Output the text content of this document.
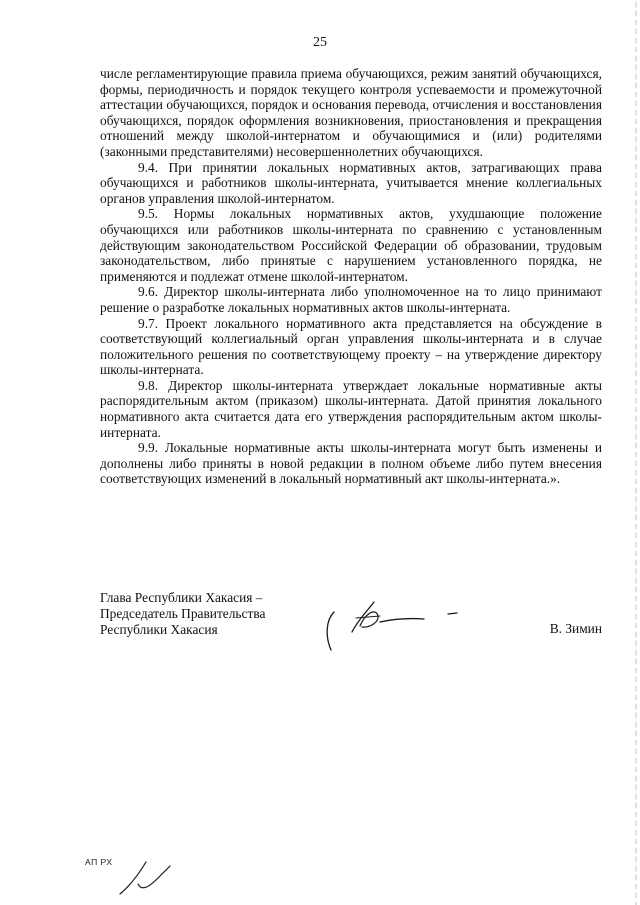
25

числе регламентирующие правила приема обучающихся, режим занятий обучающихся, формы, периодичность и порядок текущего контроля успеваемости и промежуточной аттестации обучающихся, порядок и основания перевода, отчисления и восстановления обучающихся, порядок оформления возникновения, приостановления и прекращения отношений между школой-интернатом и обучающимися и (или) родителями (законными представителями) несовершеннолетних обучающихся.

9.4. При принятии локальных нормативных актов, затрагивающих права обучающихся и работников школы-интерната, учитывается мнение коллегиальных органов управления школой-интернатом.

9.5. Нормы локальных нормативных актов, ухудшающие положение обучающихся или работников школы-интерната по сравнению с установленным действующим законодательством Российской Федерации об образовании, трудовым законодательством, либо принятые с нарушением установленного порядка, не применяются и подлежат отмене школой-интернатом.

9.6. Директор школы-интерната либо уполномоченное на то лицо принимают решение о разработке локальных нормативных актов школы-интерната.

9.7. Проект локального нормативного акта представляется на обсуждение в соответствующий коллегиальный орган управления школы-интерната и в случае положительного решения по соответствующему проекту – на утверждение директору школы-интерната.

9.8. Директор школы-интерната утверждает локальные нормативные акты распорядительным актом (приказом) школы-интерната. Датой принятия локального нормативного акта считается дата его утверждения распорядительным актом школы-интерната.

9.9. Локальные нормативные акты школы-интерната могут быть изменены и дополнены либо приняты в новой редакции в полном объеме либо путем внесения соответствующих изменений в локальный нормативный акт школы-интерната.».

Глава Республики Хакасия –
Председатель Правительства
Республики Хакасия	В. Зимин
АП РХ
